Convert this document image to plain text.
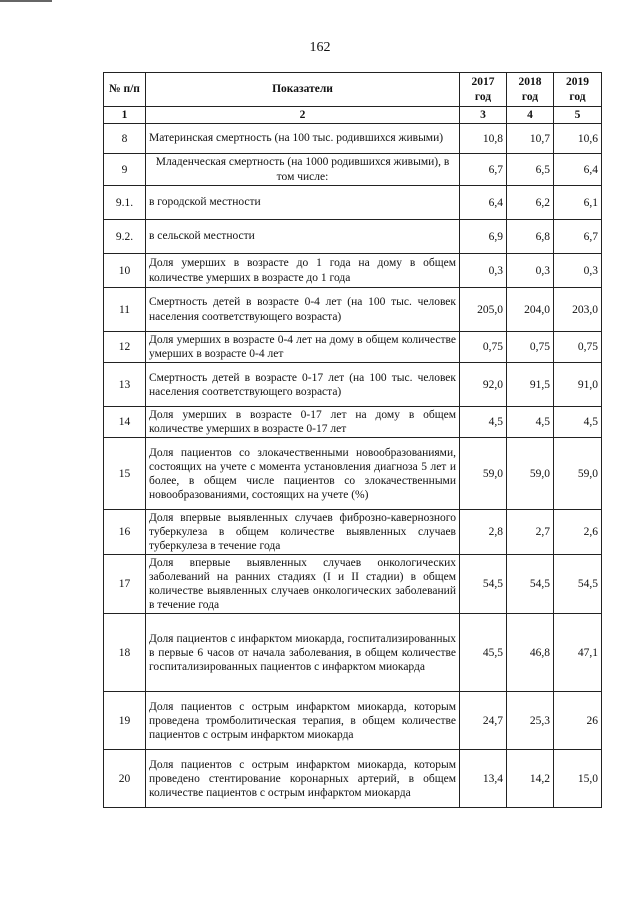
162
№ п/п	Показатели	2017 год	2018 год	2019 год
1	2	3	4	5
8	Материнская смертность (на 100 тыс. родившихся живыми)	10,8	10,7	10,6
9	Младенческая смертность (на 1000 родившихся живыми), в том числе:	6,7	6,5	6,4
9.1.	в городской местности	6,4	6,2	6,1
9.2.	в сельской местности	6,9	6,8	6,7
10	Доля умерших в возрасте до 1 года на дому в общем количестве умерших в возрасте до 1 года	0,3	0,3	0,3
11	Смертность детей в возрасте 0-4 лет (на 100 тыс. человек населения соответствующего возраста)	205,0	204,0	203,0
12	Доля умерших в возрасте 0-4 лет на дому в общем количестве умерших в возрасте 0-4 лет	0,75	0,75	0,75
13	Смертность детей в возрасте 0-17 лет (на 100 тыс. человек населения соответствующего возраста)	92,0	91,5	91,0
14	Доля умерших в возрасте 0-17 лет на дому в общем количестве умерших в возрасте 0-17 лет	4,5	4,5	4,5
15	Доля пациентов со злокачественными новообразованиями, состоящих на учете с момента установления диагноза 5 лет и более, в общем числе пациентов со злокачественными новообразованиями, состоящих на учете (%)	59,0	59,0	59,0
16	Доля впервые выявленных случаев фиброзно-кавернозного туберкулеза в общем количестве выявленных случаев туберкулеза в течение года	2,8	2,7	2,6
17	Доля впервые выявленных случаев онкологических заболеваний на ранних стадиях (I и II стадии) в общем количестве выявленных случаев онкологических заболеваний в течение года	54,5	54,5	54,5
18	Доля пациентов с инфарктом миокарда, госпитализированных в первые 6 часов от начала заболевания, в общем количестве госпитализированных пациентов с инфарктом миокарда	45,5	46,8	47,1
19	Доля пациентов с острым инфарктом миокарда, которым проведена тромболитическая терапия, в общем количестве пациентов с острым инфарктом миокарда	24,7	25,3	26
20	Доля пациентов с острым инфарктом миокарда, которым проведено стентирование коронарных артерий, в общем количестве пациентов с острым инфарктом миокарда	13,4	14,2	15,0
